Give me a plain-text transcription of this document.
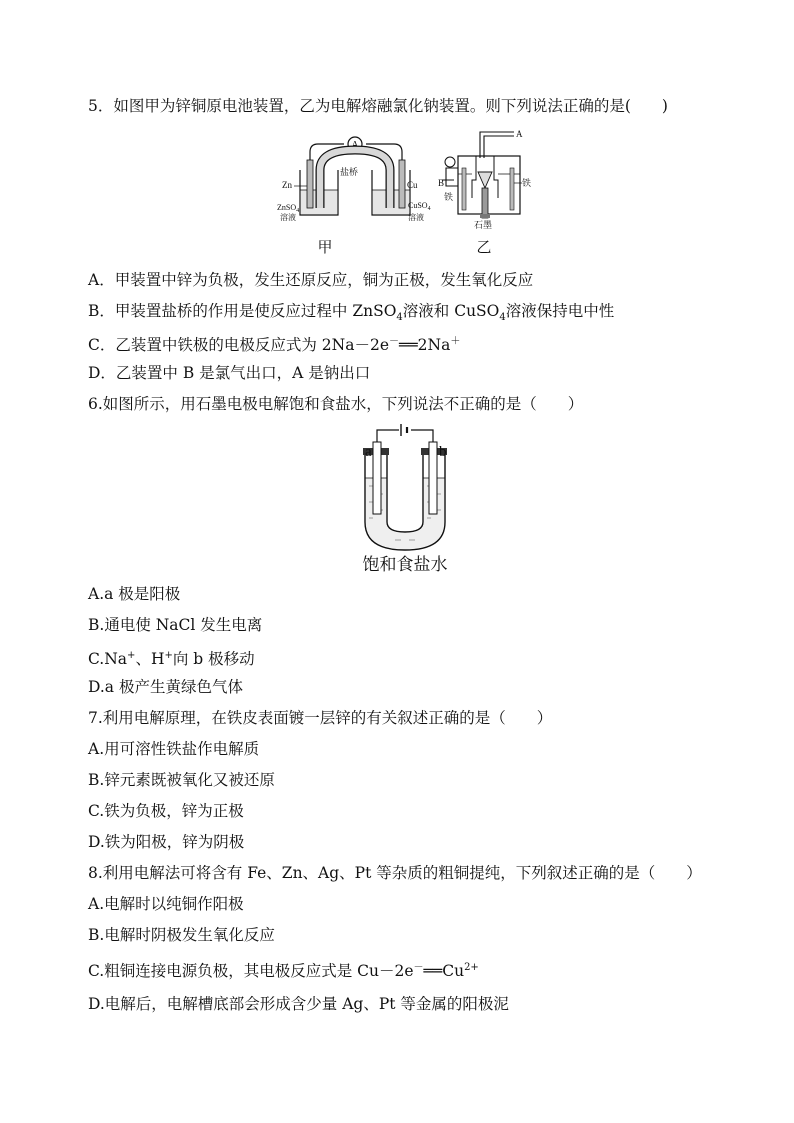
5．如图甲为锌铜原电池装置，乙为电解熔融氯化钠装置。则下列说法正确的是(　　)
A
盐桥
Zn	Cu
ZnSO$_4$
溶液
CuSO$_4$
溶液
甲
A
B
铁
铁
石墨
乙
A．甲装置中锌为负极，发生还原反应，铜为正极，发生氧化反应
B．甲装置盐桥的作用是使反应过程中 ZnSO$_4$溶液和 CuSO$_4$溶液保持电中性
C．乙装置中铁极的电极反应式为 2Na－2e－══2Na＋
D．乙装置中 B 是氯气出口，A 是钠出口
6.如图所示，用石墨电极电解饱和食盐水，下列说法不正确的是（　　）
a	b
饱和食盐水
A.a 极是阳极
B.通电使 NaCl 发生电离
C.Na+、H+向 b 极移动
D.a 极产生黄绿色气体
7.利用电解原理，在铁皮表面镀一层锌的有关叙述正确的是（　　）
A.用可溶性铁盐作电解质
B.锌元素既被氧化又被还原
C.铁为负极，锌为正极
D.铁为阳极，锌为阴极
8.利用电解法可将含有 Fe、Zn、Ag、Pt 等杂质的粗铜提纯，下列叙述正确的是（　　）
A.电解时以纯铜作阳极
B.电解时阴极发生氧化反应
C.粗铜连接电源负极，其电极反应式是 $Cu-2e^-══Cu^{2+}$
D.电解后，电解槽底部会形成含少量 Ag、Pt 等金属的阳极泥
